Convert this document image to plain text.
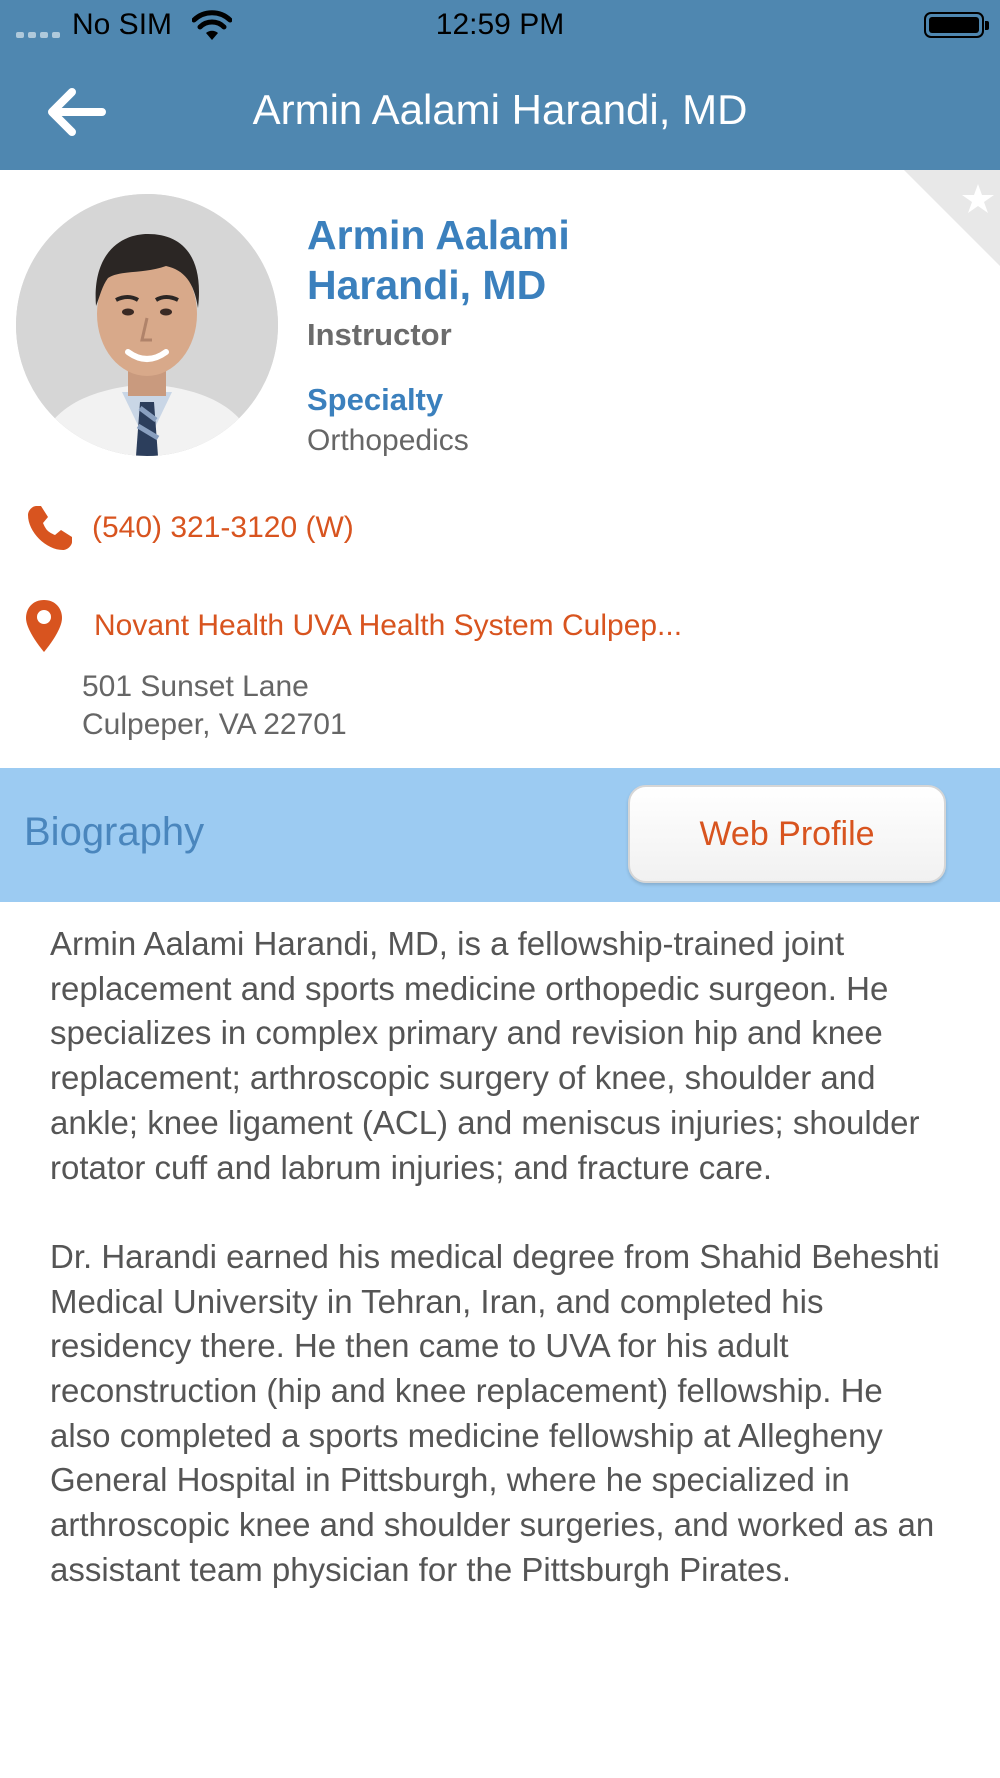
No SIM	12:59 PM
Armin Aalami Harandi, MD
Armin Aalami Harandi, MD
Instructor
Specialty
Orthopedics
(540) 321-3120 (W)
Novant Health UVA Health System Culpep...
501 Sunset Lane
Culpeper, VA 22701
Biography	Web Profile

Armin Aalami Harandi, MD, is a fellowship-trained joint replacement and sports medicine orthopedic surgeon. He specializes in complex primary and revision hip and knee replacement; arthroscopic surgery of knee, shoulder and ankle; knee ligament (ACL) and meniscus injuries; shoulder rotator cuff and labrum injuries; and fracture care.

Dr. Harandi earned his medical degree from Shahid Beheshti Medical University in Tehran, Iran, and completed his residency there. He then came to UVA for his adult reconstruction (hip and knee replacement) fellowship. He also completed a sports medicine fellowship at Allegheny General Hospital in Pittsburgh, where he specialized in arthroscopic knee and shoulder surgeries, and worked as an assistant team physician for the Pittsburgh Pirates.
